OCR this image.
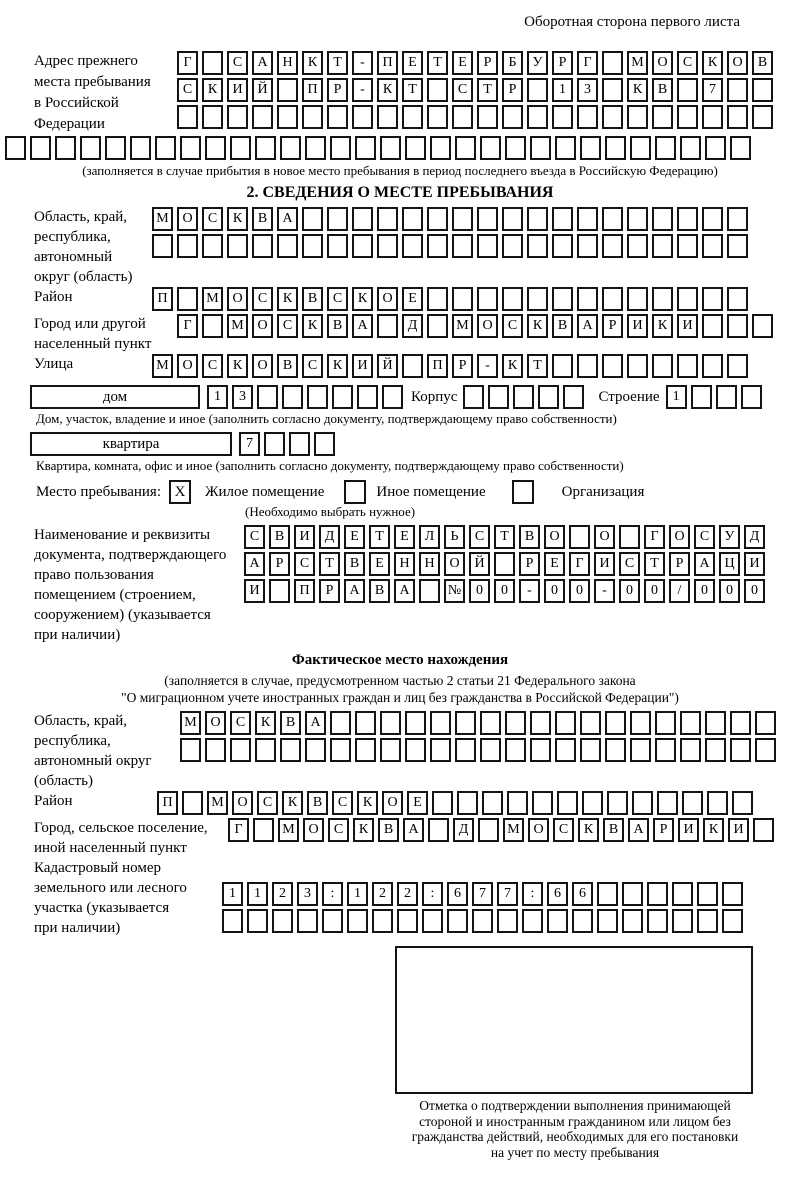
Оборотная сторона первого листа
Адрес прежнего
места пребывания
в Российской
Федерации
Г	С	А	Н	К	Т	-	П	Е	Т	Е	Р	Б	У	Р	Г	М О	С	К	О	В
С	К	И	Й	П	Р	-	К	Т	С	Т	Р	1	3	К	В	7
(заполняется в случае прибытия в новое место пребывания в период последнего въезда в Российскую Федерацию)
2. СВЕДЕНИЯ О МЕСТЕ ПРЕБЫВАНИЯ
Область, край,
республика,
автономный
округ (область)
М О	С	К	В	А
Район	П	М О	С	К	В	С	К	О	Е
Город или другой
населенный пункт
Г	М О	С	К	В	А	Д	М О	С	К	В	А	Р	И	К	И
Улица	М О	С	К	О	В	С	К	И	Й	П	Р	-	К	Т
дом	1	3	Корпус	Строение 1
Дом, участок, владение и иное (заполнить согласно документу, подтверждающему право собственности)
квартира	7
Квартира, комната, офис и иное (заполнить согласно документу, подтверждающему право собственности)
Место пребывания: X	Жилое помещение	Иное помещение	Организация
(Необходимо выбрать нужное)
Наименование и реквизиты
документа, подтверждающего
право пользования
помещением (строением,
сооружением) (указывается
при наличии)
С	В	И	Д	Е	Т	Е	Л	Ь	С	Т	В	О	О	Г	О	С	У	Д
А	Р	С	Т	В	Е	Н	Н	О	Й	Р	Е	Г	И	С	Т	Р	А	Ц	И
И	П	Р	А	В	А	№	0	0	-	0	0	-	0	0	/	0	0	0
Фактическое место нахождения
(заполняется в случае, предусмотренном частью 2 статьи 21 Федерального закона
"О миграционном учете иностранных граждан и лиц без гражданства в Российской Федерации")
Область, край,
республика,
автономный округ
(область)
М О	С	К	В	А
Район	П	М О	С	К	В	С	К	О	Е
Город, сельское поселение,
иной населенный пункт
Г	М О	С	К	В	А	Д	М О	С	К	В	А	Р	И	К	И
Кадастровый номер
земельного или лесного
участка (указывается
при наличии)
1	1	2	3	:	1	2	2	:	6	7	7	:	6	6
Отметка о подтверждении выполнения принимающей
стороной и иностранным гражданином или лицом без
гражданства действий, необходимых для его постановки
на учет по месту пребывания
